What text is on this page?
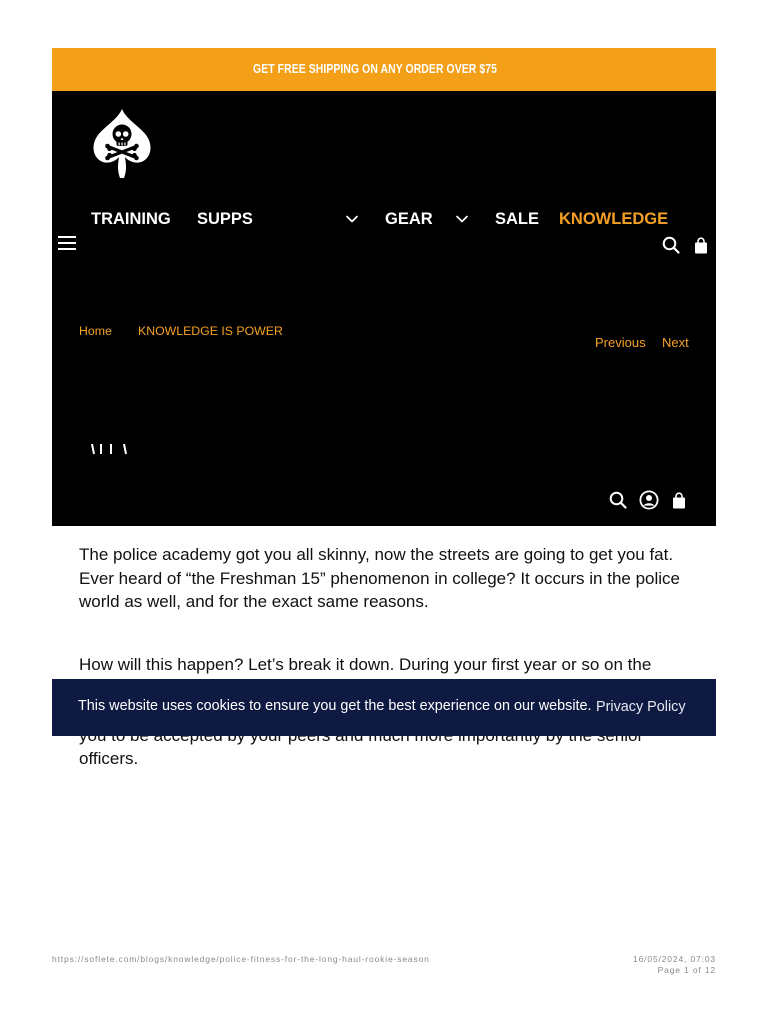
GET FREE SHIPPING ON ANY ORDER OVER $75
TRAINING SUPPS	GEAR	SALE KNOWLEDGE
Home KNOWLEDGE IS POWER
Previous Next

The police academy got you all skinny, now the streets are going to get you fat.
Ever heard of “the Freshman 15” phenomenon in college? It occurs in the police
world as well, and for the exact same reasons.

How will this happen? Let’s break it down. During your first year or so on the
officers.

This website uses cookies to ensure you get the best experience on our website. Privacy Policy
https://soflete.com/blogs/knowledge/police-fitness-for-the-long-haul-rookie-season	16/05/2024, 07:03
Page 1 of 12
